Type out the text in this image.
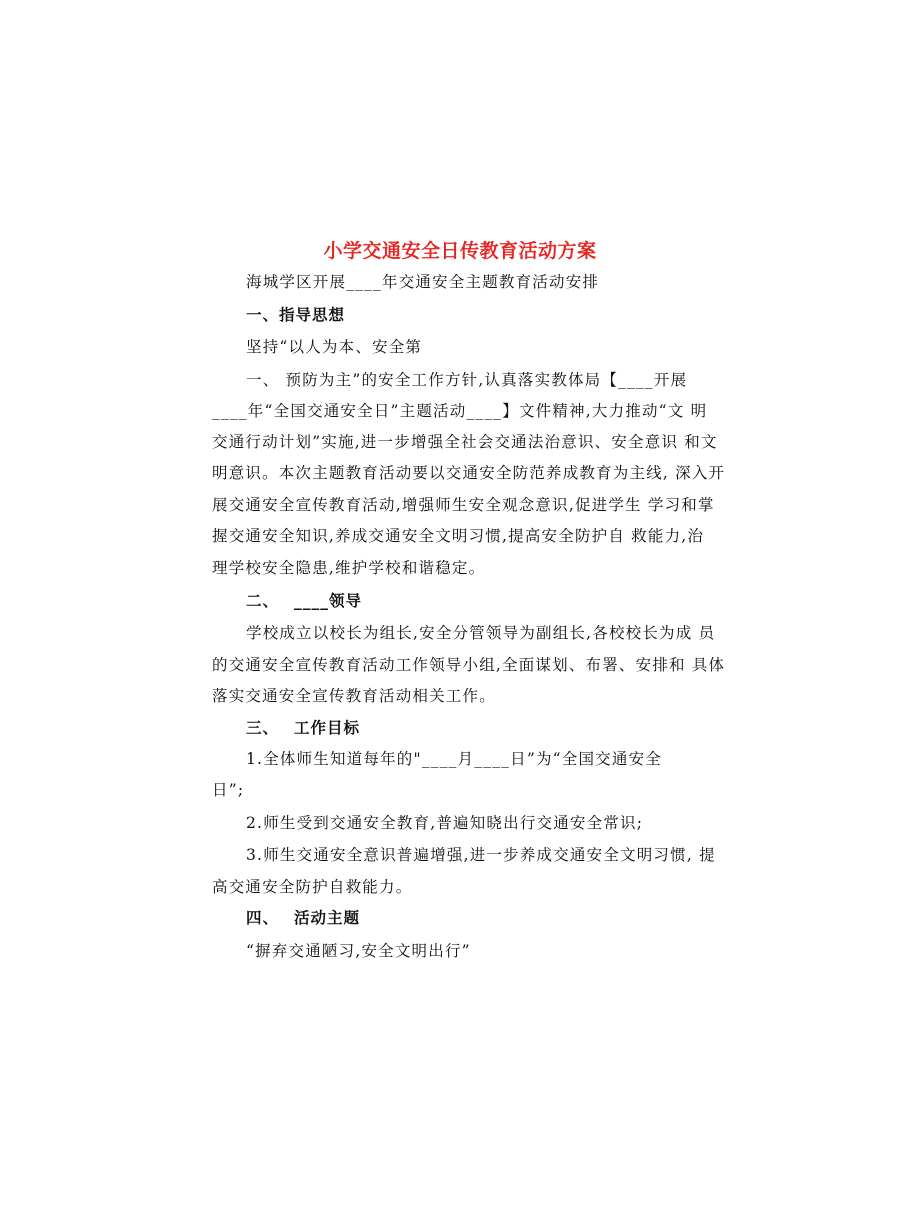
小学交通安全日传教育活动方案
海城学区开展____年交通安全主题教育活动安排
一、指导思想
坚持“以人为本、安全第
一、 预防为主”的安全工作方针,认真落实教体局【____开展
____年“全国交通安全日”主题活动____】文件精神,大力推动“文 明
交通行动计划”实施,进一步增强全社会交通法治意识、安全意识 和文
明意识。本次主题教育活动要以交通安全防范养成教育为主线, 深入开
展交通安全宣传教育活动,增强师生安全观念意识,促进学生 学习和掌
握交通安全知识,养成交通安全文明习惯,提高安全防护自 救能力,治
理学校安全隐患,维护学校和谐稳定。
二、 ____领导
学校成立以校长为组长,安全分管领导为副组长,各校校长为成 员
的交通安全宣传教育活动工作领导小组,全面谋划、布署、安排和 具体
落实交通安全宣传教育活动相关工作。
三、 工作目标
1.全体师生知道每年的"____月____日”为“全国交通安全
日”;
2.师生受到交通安全教育,普遍知晓出行交通安全常识;
3.师生交通安全意识普遍增强,进一步养成交通安全文明习惯, 提
高交通安全防护自救能力。
四、 活动主题
“摒弃交通陋习,安全文明出行”
